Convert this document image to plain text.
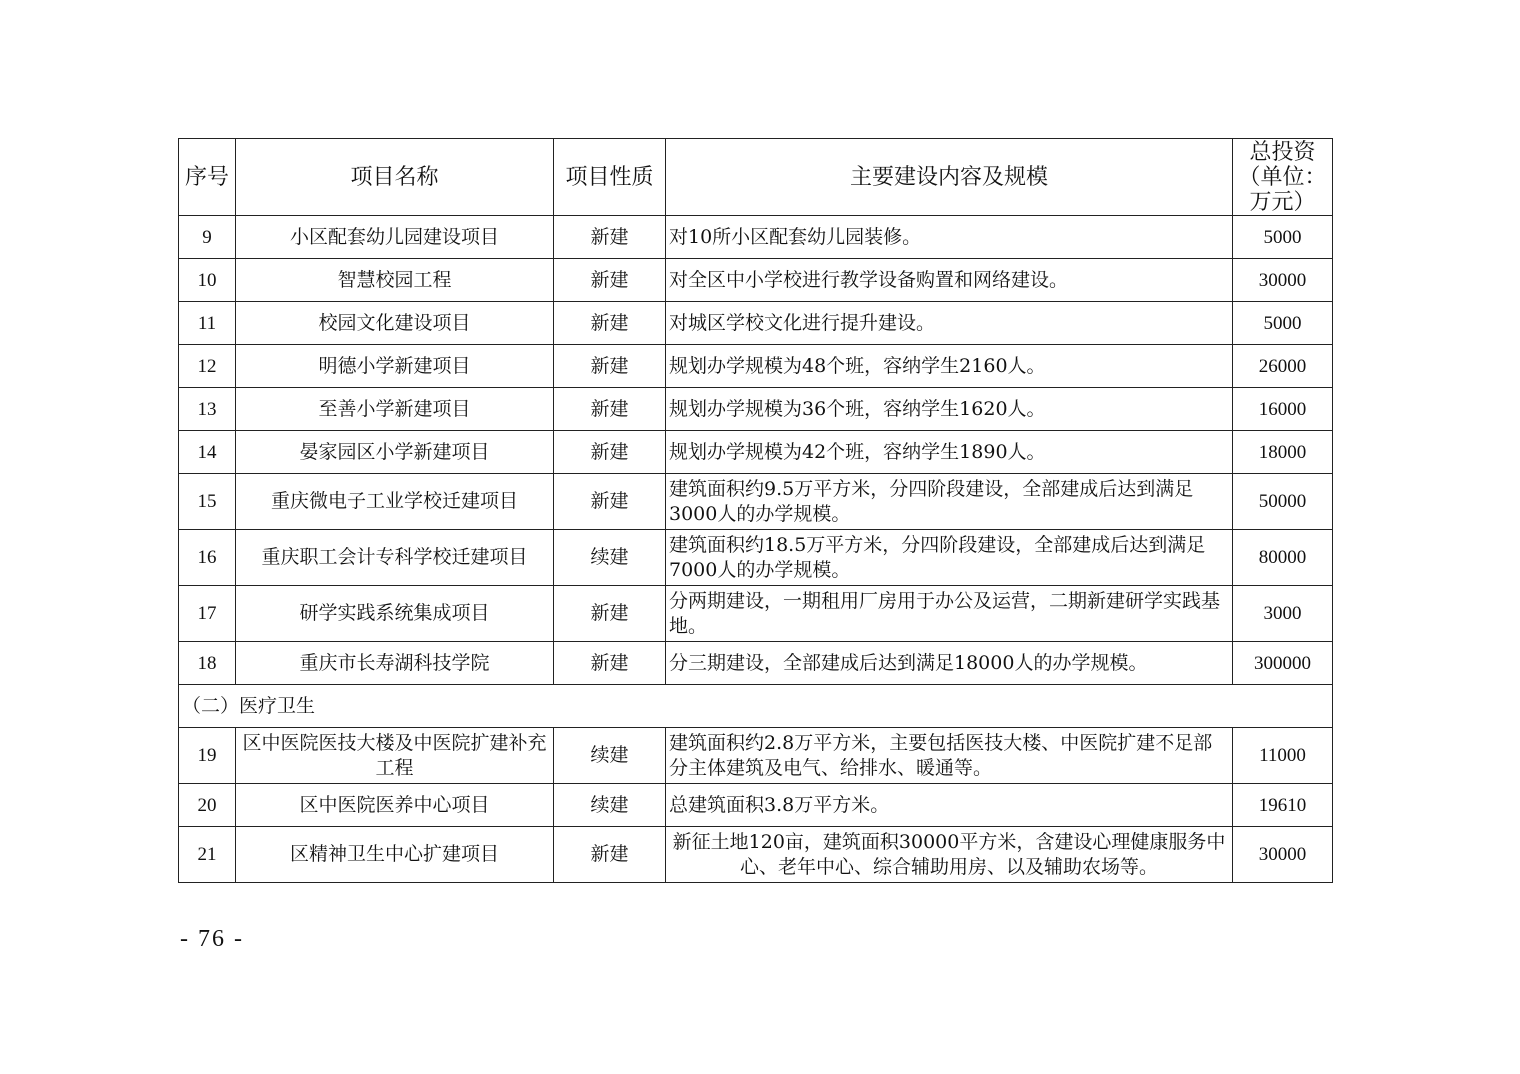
序号	项目名称	项目性质	主要建设内容及规模	总投资（单位：万元）
9	小区配套幼儿园建设项目	新建	对10所小区配套幼儿园装修。	5000
10	智慧校园工程	新建	对全区中小学校进行教学设备购置和网络建设。	30000
11	校园文化建设项目	新建	对城区学校文化进行提升建设。	5000
12	明德小学新建项目	新建	规划办学规模为48个班，容纳学生2160人。	26000
13	至善小学新建项目	新建	规划办学规模为36个班，容纳学生1620人。	16000
14	晏家园区小学新建项目	新建	规划办学规模为42个班，容纳学生1890人。	18000
15	重庆微电子工业学校迁建项目	新建	建筑面积约9.5万平方米，分四阶段建设，全部建成后达到满足3000人的办学规模。	50000
16	重庆职工会计专科学校迁建项目	续建	建筑面积约18.5万平方米，分四阶段建设，全部建成后达到满足7000人的办学规模。	80000
17	研学实践系统集成项目	新建	分两期建设，一期租用厂房用于办公及运营，二期新建研学实践基地。	3000
18	重庆市长寿湖科技学院	新建	分三期建设，全部建成后达到满足18000人的办学规模。	300000
（二）医疗卫生				
19	区中医院医技大楼及中医院扩建补充工程	续建	建筑面积约2.8万平方米，主要包括医技大楼、中医院扩建不足部分主体建筑及电气、给排水、暖通等。	11000
20	区中医院医养中心项目	续建	总建筑面积3.8万平方米。	19610
21	区精神卫生中心扩建项目	新建	新征土地120亩，建筑面积30000平方米，含建设心理健康服务中心、老年中心、综合辅助用房、以及辅助农场等。	30000
- 76 -
